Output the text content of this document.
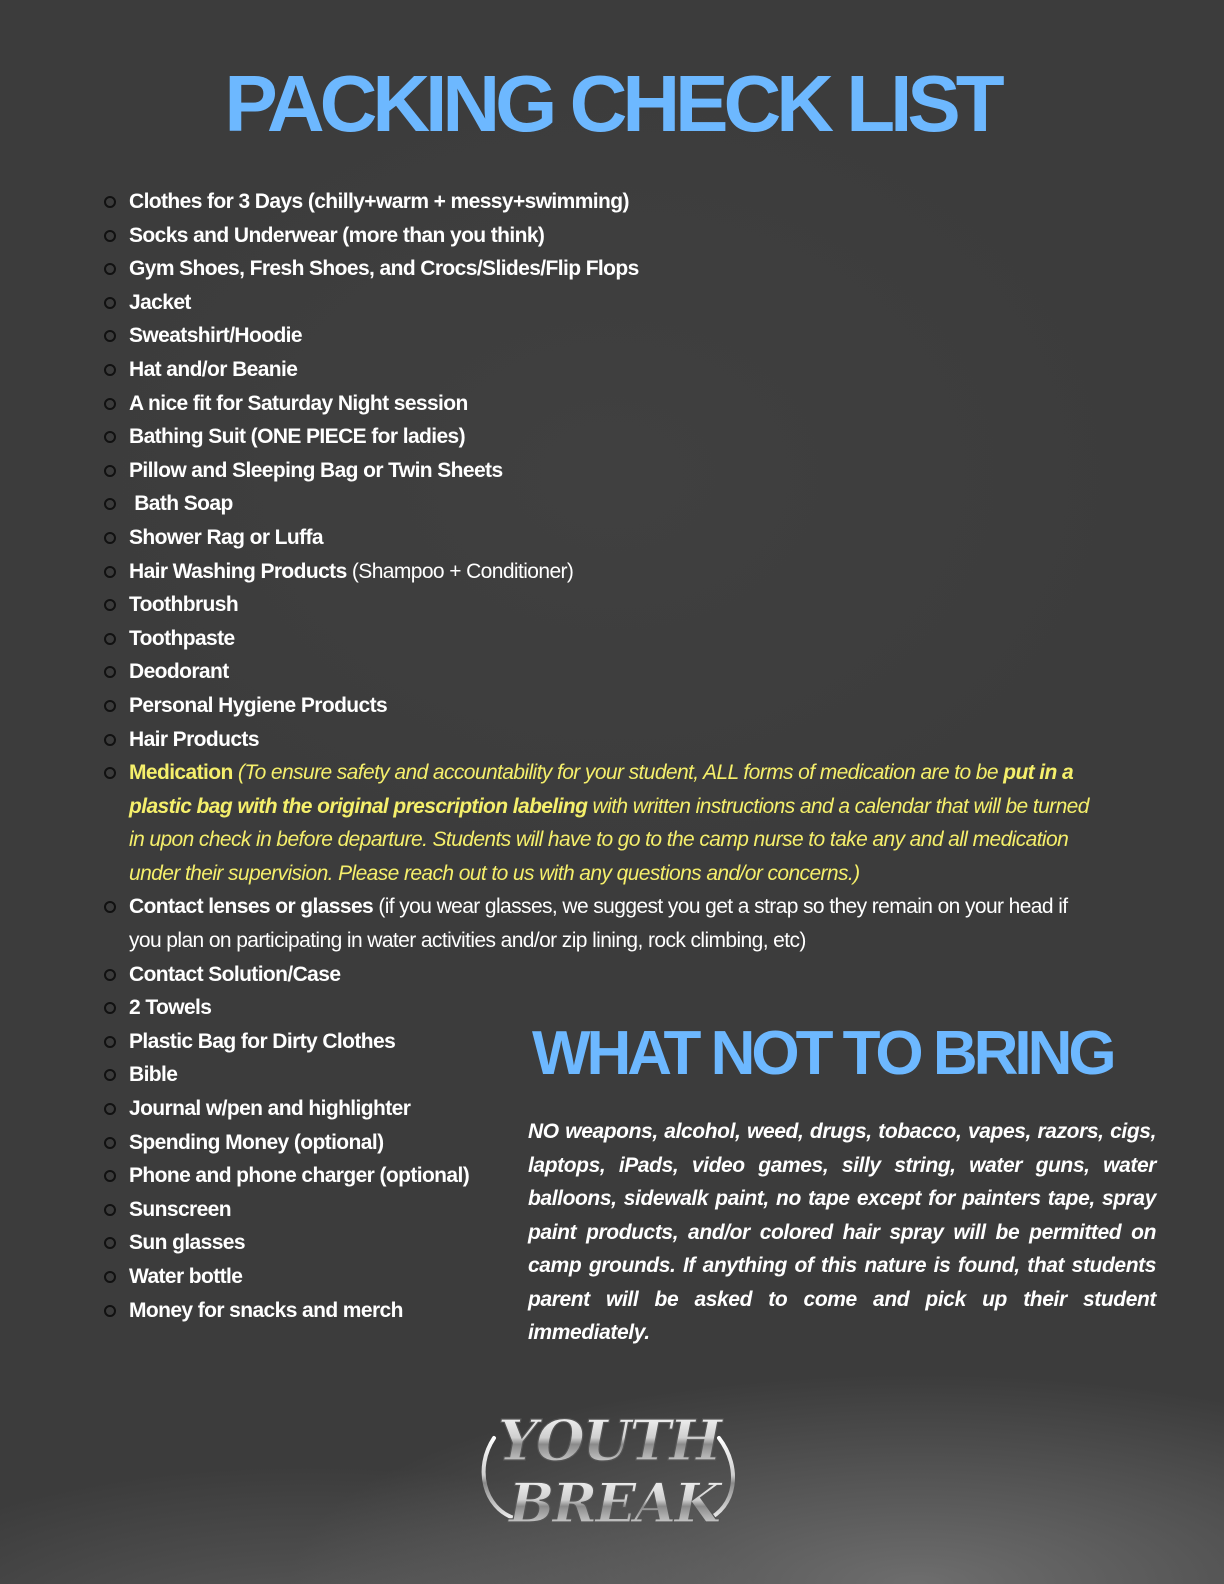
PACKING CHECK LIST
Clothes for 3 Days (chilly+warm + messy+swimming)
Socks and Underwear (more than you think)
Gym Shoes, Fresh Shoes, and Crocs/Slides/Flip Flops
Jacket
Sweatshirt/Hoodie
Hat and/or Beanie
A nice fit for Saturday Night session
Bathing Suit (ONE PIECE for ladies)
Pillow and Sleeping Bag or Twin Sheets
Bath Soap
Shower Rag or Luffa
Hair Washing Products (Shampoo + Conditioner)
Toothbrush
Toothpaste
Deodorant
Personal Hygiene Products
Hair Products
Medication (To ensure safety and accountability for your student, ALL forms of medication are to be put in a plastic bag with the original prescription labeling with written instructions and a calendar that will be turned in upon check in before departure. Students will have to go to the camp nurse to take any and all medication under their supervision. Please reach out to us with any questions and/or concerns.)
Contact lenses or glasses (if you wear glasses, we suggest you get a strap so they remain on your head if you plan on participating in water activities and/or zip lining, rock climbing, etc)
Contact Solution/Case
2 Towels
Plastic Bag for Dirty Clothes
Bible
Journal w/pen and highlighter
Spending Money (optional)
Phone and phone charger (optional)
Sunscreen
Sun glasses
Water bottle
Money for snacks and merch
WHAT NOT TO BRING

NO weapons, alcohol, weed, drugs, tobacco, vapes, razors, cigs, laptops, iPads, video games, silly string, water guns, water balloons, sidewalk paint, no tape except for painters tape, spray paint products, and/or colored hair spray will be permitted on camp grounds. If anything of this nature is found, that students parent will be asked to come and pick up their student immediately.

YOUTH
BREAK
